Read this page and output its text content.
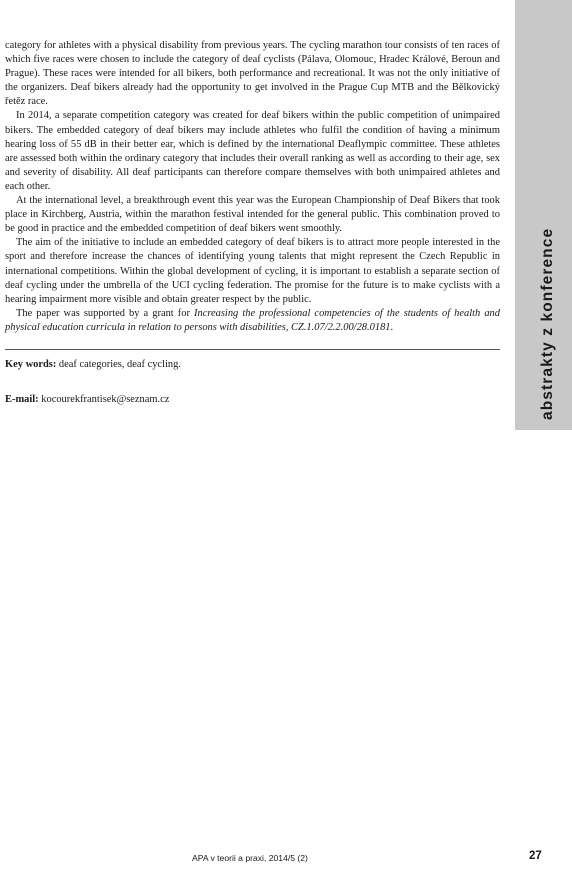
abstrakty z konference

category for athletes with a physical disability from previous years. The cycling marathon tour consists of ten races of which five races were chosen to include the category of deaf cyclists (Pálava, Olomouc, Hradec Králové, Beroun and Prague). These races were intended for all bikers, both performance and recreational. It was not the only initiative of the organizers. Deaf bikers already had the opportunity to get involved in the Prague Cup MTB and the Bělkovický řetěz race.

In 2014, a separate competition category was created for deaf bikers within the public competition of unimpaired bikers. The embedded category of deaf bikers may include athletes who fulfil the condition of having a minimum hearing loss of 55 dB in their better ear, which is defined by the international Deaflympic committee. These athletes are assessed both within the ordinary category that includes their overall ranking as well as according to their age, sex and severity of disability. All deaf participants can therefore compare themselves with both unimpaired athletes and each other.

At the international level, a breakthrough event this year was the European Championship of Deaf Bikers that took place in Kirchberg, Austria, within the marathon festival intended for the general public. This combination proved to be good in practice and the embedded competition of deaf bikers went smoothly.

The aim of the initiative to include an embedded category of deaf bikers is to attract more people interested in the sport and therefore increase the chances of identifying young talents that might represent the Czech Republic in international competitions. Within the global development of cycling, it is important to establish a separate section of deaf cycling under the umbrella of the UCI cycling federation. The promise for the future is to make cyclists with a hearing impairment more visible and obtain greater respect by the public.

The paper was supported by a grant for Increasing the professional competencies of the students of health and physical education curricula in relation to persons with disabilities, CZ.1.07/2.2.00/28.0181.

Key words: deaf categories, deaf cycling.
E-mail: kocourekfrantisek@seznam.cz
APA v teorii a praxi, 2014/5 (2)	27
